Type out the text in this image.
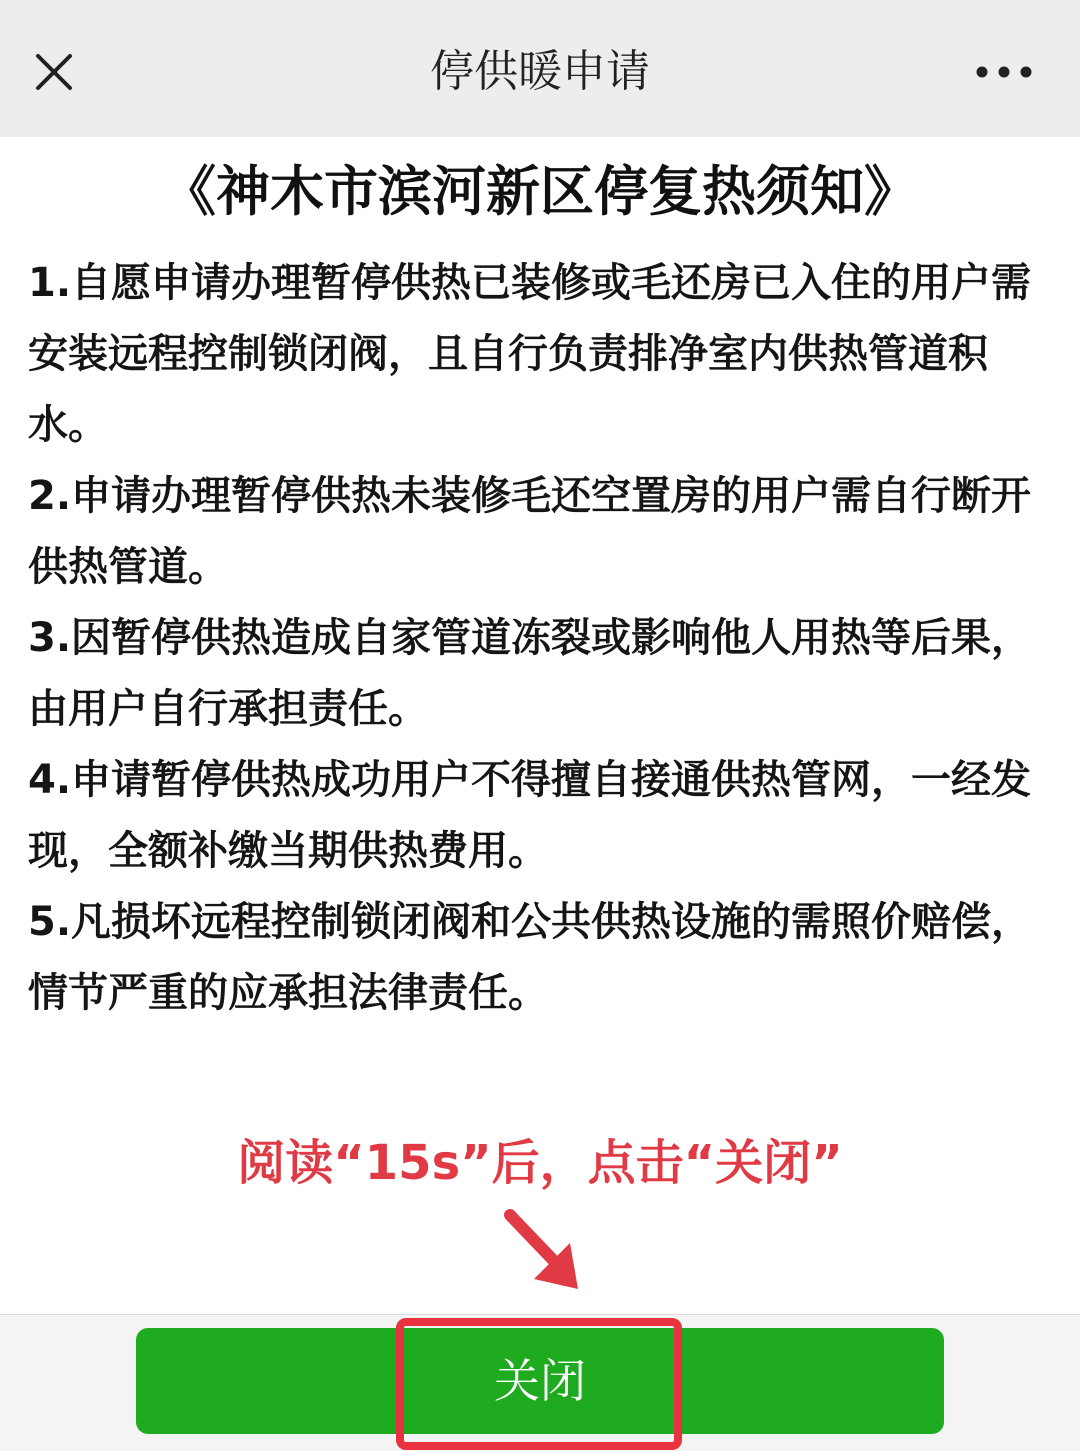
停供暖申请
《神木市滨河新区停复热须知》

1.自愿申请办理暂停供热已装修或毛还房已入住的用户需安装远程控制锁闭阀，且自行负责排净室内供热管道积水。

2.申请办理暂停供热未装修毛还空置房的用户需自行断开供热管道。

3.因暂停供热造成自家管道冻裂或影响他人用热等后果，由用户自行承担责任。

4.申请暂停供热成功用户不得擅自接通供热管网，一经发现，全额补缴当期供热费用。

5.凡损坏远程控制锁闭阀和公共供热设施的需照价赔偿，情节严重的应承担法律责任。

阅读“15s”后，点击“关闭”
关闭
